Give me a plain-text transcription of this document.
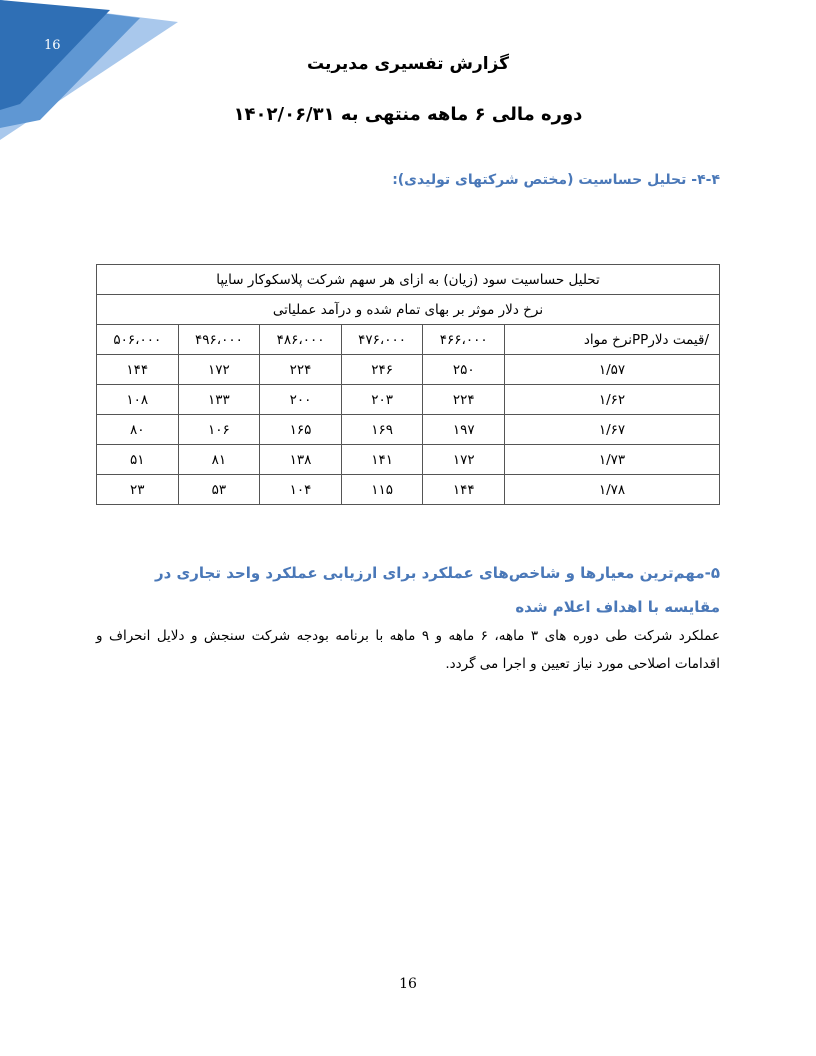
16
گزارش تفسیری مدیریت
دوره مالی ۶ ماهه منتهی به ۱۴۰۲/۰۶/۳۱
۴-۴- تحلیل حساسیت (مختص شرکتهای تولیدی):
تحلیل حساسیت سود (زیان) به ازای هر سهم شرکت پلاسکوکار سایپا					
نرخ دلار موثر بر بهای تمام شده و درآمد عملیاتی					
/قیمت دلارPPنرخ مواد	۴۶۶،۰۰۰	۴۷۶،۰۰۰	۴۸۶،۰۰۰	۴۹۶،۰۰۰	۵۰۶،۰۰۰
۱/۵۷	۲۵۰	۲۴۶	۲۲۴	۱۷۲	۱۴۴
۱/۶۲	۲۲۴	۲۰۳	۲۰۰	۱۳۳	۱۰۸
۱/۶۷	۱۹۷	۱۶۹	۱۶۵	۱۰۶	۸۰
۱/۷۳	۱۷۲	۱۴۱	۱۳۸	۸۱	۵۱
۱/۷۸	۱۴۴	۱۱۵	۱۰۴	۵۳	۲۳
۵-مهم‌ترین معیارها و شاخص‌های عملکرد برای ارزیابی عملکرد واحد تجاری در مقایسه با اهداف اعلام شده
عملکرد شرکت طی دوره های ۳ ماهه، ۶ ماهه و ۹ ماهه با برنامه بودجه شرکت سنجش و دلایل انحراف و اقدامات اصلاحی مورد نیاز تعیین و اجرا می گردد.
16
